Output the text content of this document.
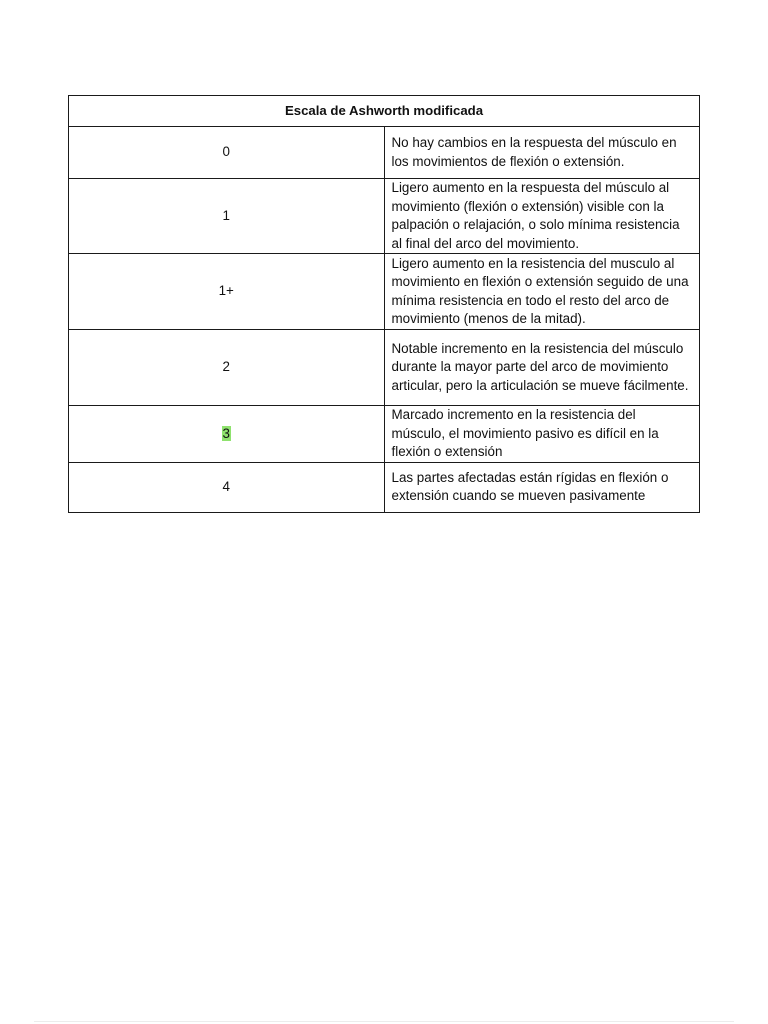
Escala de Ashworth modificada	
0	No hay cambios en la respuesta del músculo en los movimientos de flexión o extensión.
1	Ligero aumento en la respuesta del músculo al movimiento (flexión o extensión) visible con la palpación o relajación, o solo mínima resistencia al final del arco del movimiento.
1+	Ligero aumento en la resistencia del musculo al movimiento en flexión o extensión seguido de una mínima resistencia en todo el resto del arco de movimiento (menos de la mitad).
2	Notable incremento en la resistencia del músculo durante la mayor parte del arco de movimiento articular, pero la articulación se mueve fácilmente.
3	Marcado incremento en la resistencia del músculo, el movimiento pasivo es difícil en la flexión o extensión
4	Las partes afectadas están rígidas en flexión o extensión cuando se mueven pasivamente
